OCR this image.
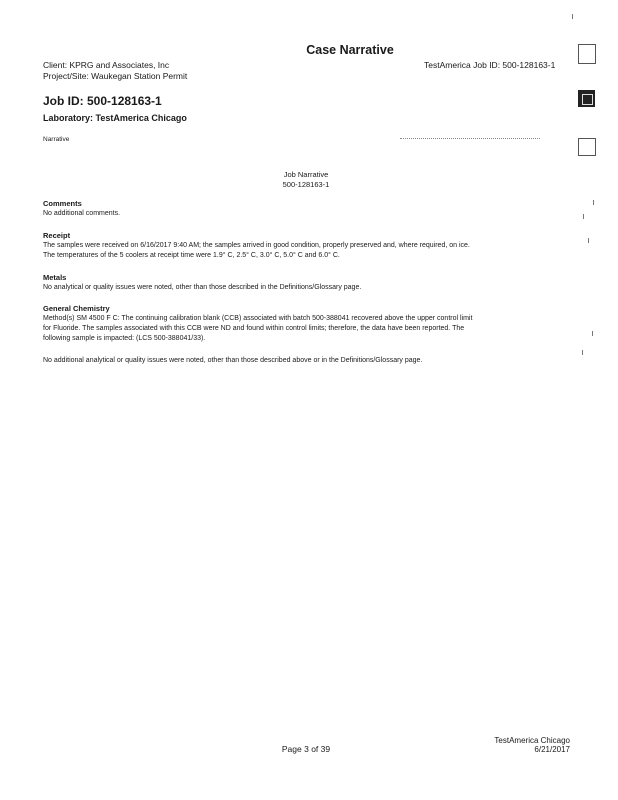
Case Narrative
Client: KPRG and Associates, Inc
Project/Site: Waukegan Station Permit
TestAmerica Job ID: 500-128163-1
Job ID: 500-128163-1
Laboratory: TestAmerica Chicago
Narrative
Job Narrative
500-128163-1
Comments
No additional comments.
Receipt
The samples were received on 6/16/2017 9:40 AM; the samples arrived in good condition, properly preserved and, where required, on ice.
The temperatures of the 5 coolers at receipt time were 1.9° C, 2.5° C, 3.0° C, 5.0° C and 6.0° C.
Metals
No analytical or quality issues were noted, other than those described in the Definitions/Glossary page.
General Chemistry
Method(s) SM 4500 F C: The continuing calibration blank (CCB) associated with batch 500-388041 recovered above the upper control limit
for Fluoride. The samples associated with this CCB were ND and found within control limits; therefore, the data have been reported. The
following sample is impacted: (LCS 500-388041/33).
No additional analytical or quality issues were noted, other than those described above or in the Definitions/Glossary page.
Page 3 of 39
TestAmerica Chicago
6/21/2017
